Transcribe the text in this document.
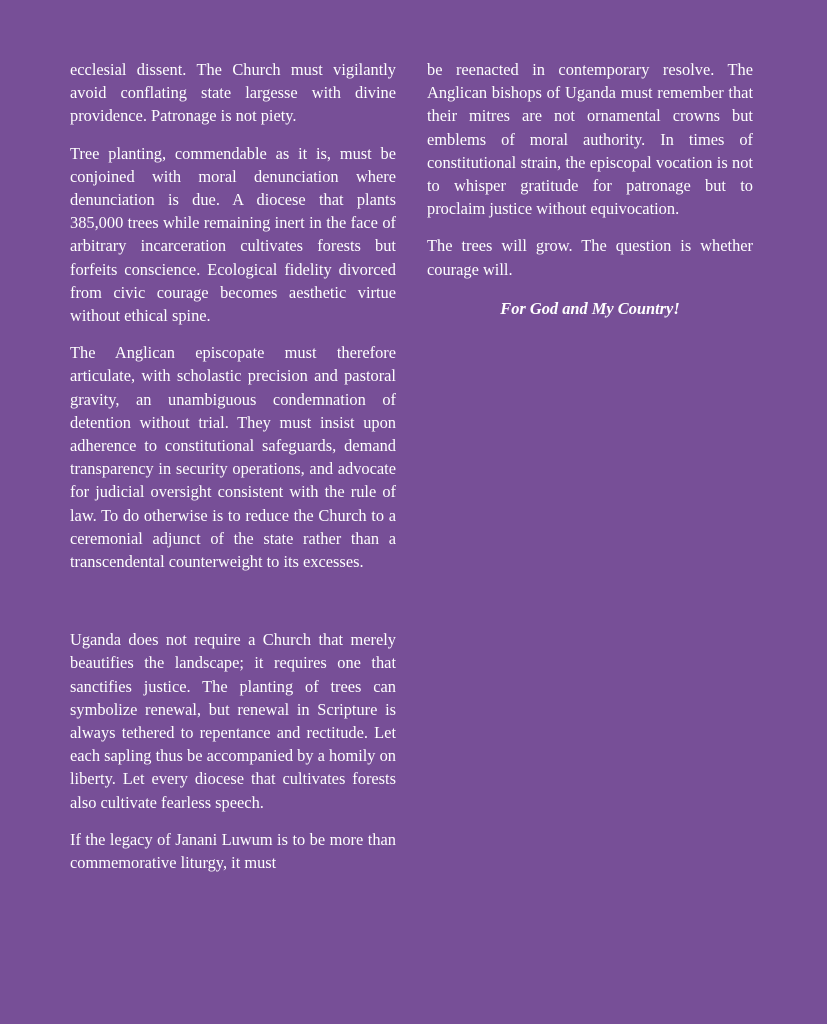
ecclesial dissent. The Church must vigilantly avoid conflating state largesse with divine providence. Patronage is not piety.

Tree planting, commendable as it is, must be conjoined with moral denunciation where denunciation is due. A diocese that plants 385,000 trees while remaining inert in the face of arbitrary incarceration cultivates forests but forfeits conscience. Ecological fidelity divorced from civic courage becomes aesthetic virtue without ethical spine.

The Anglican episcopate must therefore articulate, with scholastic precision and pastoral gravity, an unambiguous condemnation of detention without trial. They must insist upon adherence to constitutional safeguards, demand transparency in security operations, and advocate for judicial oversight consistent with the rule of law. To do otherwise is to reduce the Church to a ceremonial adjunct of the state rather than a transcendental counterweight to its excesses.

Uganda does not require a Church that merely beautifies the landscape; it requires one that sanctifies justice. The planting of trees can symbolize renewal, but renewal in Scripture is always tethered to repentance and rectitude. Let each sapling thus be accompanied by a homily on liberty. Let every diocese that cultivates forests also cultivate fearless speech.

If the legacy of Janani Luwum is to be more than commemorative liturgy, it must

be reenacted in contemporary resolve. The Anglican bishops of Uganda must remember that their mitres are not ornamental crowns but emblems of moral authority. In times of constitutional strain, the episcopal vocation is not to whisper gratitude for patronage but to proclaim justice without equivocation.

The trees will grow. The question is whether courage will.

For God and My Country!
